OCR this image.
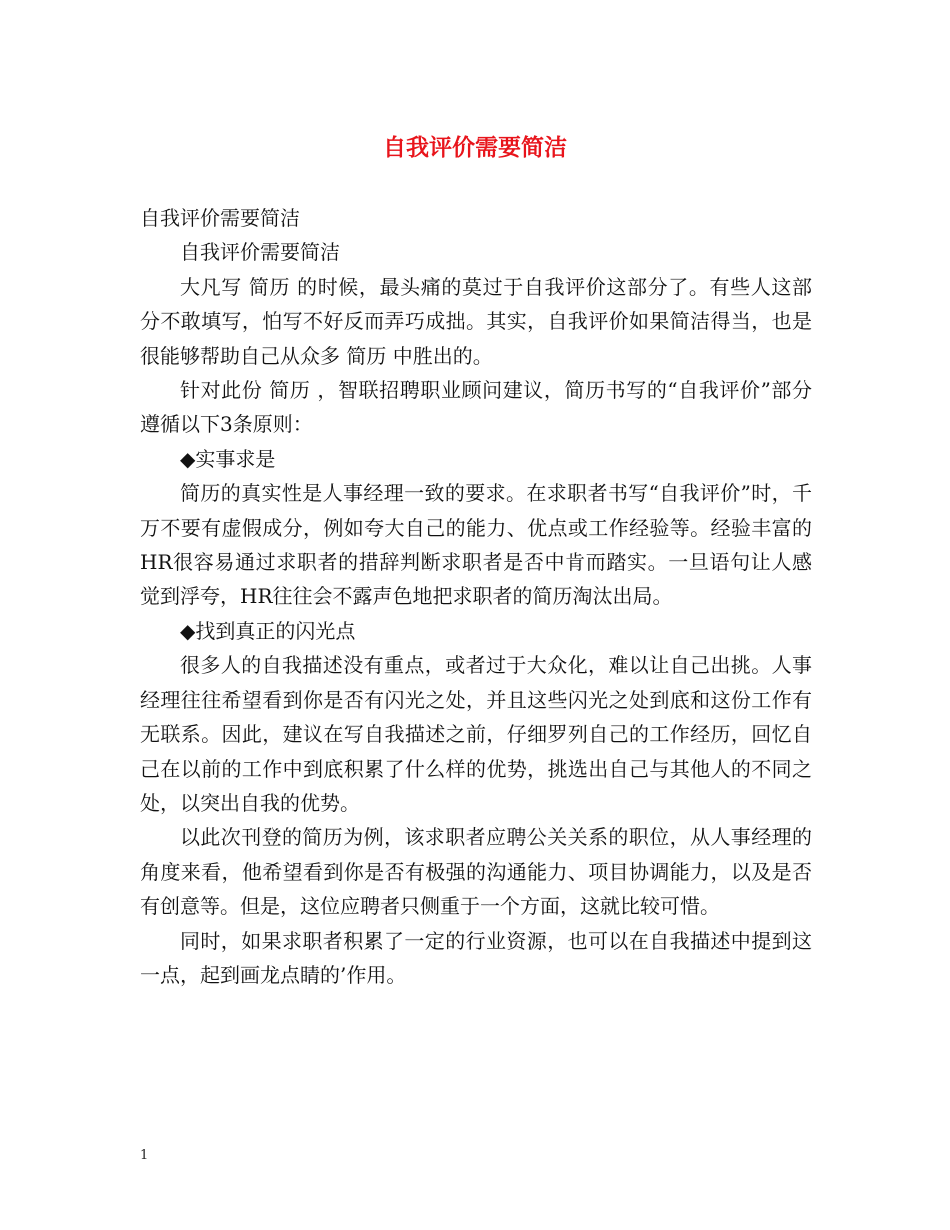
自我评价需要简洁

自我评价需要简洁

自我评价需要简洁

大凡写 简历 的时候，最头痛的莫过于自我评价这部分了。有些人这部分不敢填写，怕写不好反而弄巧成拙。其实，自我评价如果简洁得当，也是很能够帮助自己从众多 简历 中胜出的。

针对此份 简历 ，智联招聘职业顾问建议，简历书写的“自我评价”部分遵循以下3条原则：

◆实事求是

简历的真实性是人事经理一致的要求。在求职者书写“自我评价”时，千万不要有虚假成分，例如夸大自己的能力、优点或工作经验等。经验丰富的HR很容易通过求职者的措辞判断求职者是否中肯而踏实。一旦语句让人感觉到浮夸，HR往往会不露声色地把求职者的简历淘汰出局。

◆找到真正的闪光点

很多人的自我描述没有重点，或者过于大众化，难以让自己出挑。人事经理往往希望看到你是否有闪光之处，并且这些闪光之处到底和这份工作有无联系。因此，建议在写自我描述之前，仔细罗列自己的工作经历，回忆自己在以前的工作中到底积累了什么样的优势，挑选出自己与其他人的不同之处，以突出自我的优势。

以此次刊登的简历为例，该求职者应聘公关关系的职位，从人事经理的角度来看，他希望看到你是否有极强的沟通能力、项目协调能力，以及是否有创意等。但是，这位应聘者只侧重于一个方面，这就比较可惜。

同时，如果求职者积累了一定的行业资源，也可以在自我描述中提到这一点，起到画龙点睛的’作用。

1
